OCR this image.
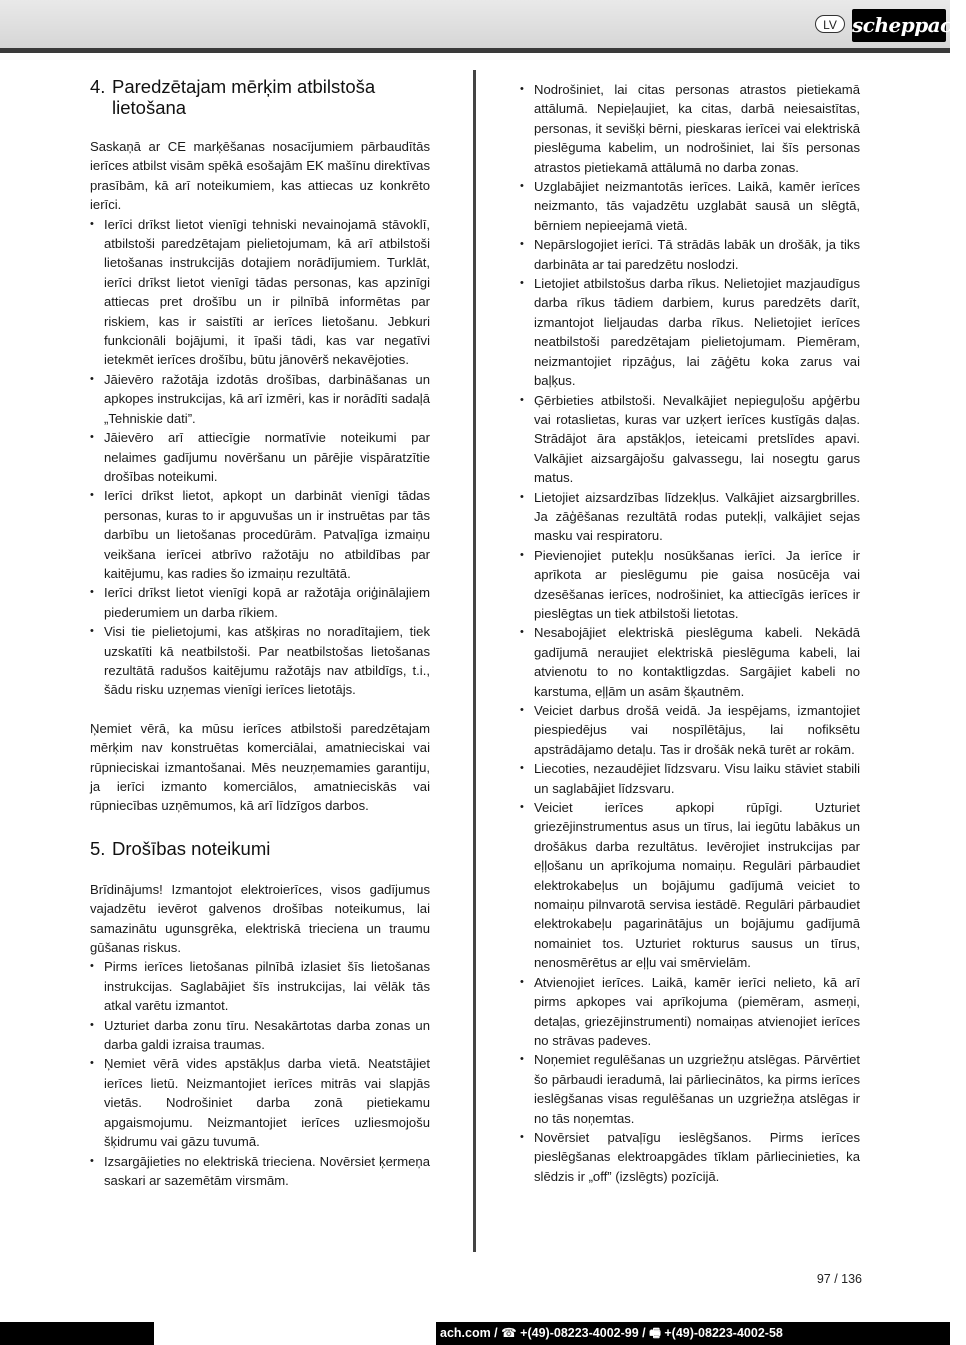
LV scheppach
4. Paredzētajam mērķim atbilstoša
lietošana

Saskaņā ar CE marķēšanas nosacījumiem pārbaudītās ierīces atbilst visām spēkā esošajām EK mašīnu direktīvas prasībām, kā arī noteikumiem, kas attiecas uz konkrēto ierīci.

• Ierīci drīkst lietot vienīgi tehniski nevainojamā stāvoklī, atbilstoši paredzētajam pielietojumam, kā arī atbilstoši lietošanas instrukcijās dotajiem norādījumiem. Turklāt, ierīci drīkst lietot vienīgi tādas personas, kas apzinīgi attiecas pret drošību un ir pilnībā informētas par riskiem, kas ir saistīti ar ierīces lietošanu. Jebkuri funkcionāli bojājumi, it īpaši tādi, kas var negatīvi ietekmēt ierīces drošību, būtu jānovērš nekavējoties.
• Jāievēro ražotāja izdotās drošības, darbināšanas un apkopes instrukcijas, kā arī izmēri, kas ir norādīti sadaļā „Tehniskie dati”.
• Jāievēro arī attiecīgie normatīvie noteikumi par nelaimes gadījumu novēršanu un pārējie vispāratzītie drošības noteikumi.
• Ierīci drīkst lietot, apkopt un darbināt vienīgi tādas personas, kuras to ir apguvušas un ir instruētas par tās darbību un lietošanas procedūrām. Patvaļīga izmaiņu veikšana ierīcei atbrīvo ražotāju no atbildības par kaitējumu, kas radies šo izmaiņu rezultātā.
• Ierīci drīkst lietot vienīgi kopā ar ražotāja oriģinālajiem piederumiem un darba rīkiem.
• Visi tie pielietojumi, kas atšķiras no noradītajiem, tiek uzskatīti kā neatbilstoši. Par neatbilstošas lietošanas rezultātā radušos kaitējumu ražotājs nav atbildīgs, t.i., šādu risku uzņemas vienīgi ierīces lietotājs.

Ņemiet vērā, ka mūsu ierīces atbilstoši paredzētajam mērķim nav konstruētas komerciālai, amatnieciskai vai rūpnieciskai izmantošanai. Mēs neuzņemamies garantiju, ja ierīci izmanto komerciālos, amatnieciskās vai rūpniecības uzņēmumos, kā arī līdzīgos darbos.

5. Drošības noteikumi

Brīdinājums! Izmantojot elektroierīces, visos gadījumus vajadzētu ievērot galvenos drošības noteikumus, lai samazinātu ugunsgrēka, elektriskā trieciena un traumu gūšanas riskus.

• Pirms ierīces lietošanas pilnībā izlasiet šīs lietošanas instrukcijas. Saglabājiet šīs instrukcijas, lai vēlāk tās atkal varētu izmantot.
• Uzturiet darba zonu tīru. Nesakārtotas darba zonas un darba galdi izraisa traumas.
• Ņemiet vērā vides apstākļus darba vietā. Neatstājiet ierīces lietū. Neizmantojiet ierīces mitrās vai slapjās vietās. Nodrošiniet darba zonā pietiekamu apgaismojumu. Neizmantojiet ierīces uzliesmojošu šķidrumu vai gāzu tuvumā.
• Izsargājieties no elektriskā trieciena. Novērsiet ķermeņa saskari ar sazemētām virsmām.
• Nodrošiniet, lai citas personas atrastos pietiekamā attālumā. Nepieļaujiet, ka citas, darbā neiesaistītas, personas, it sevišķi bērni, pieskaras ierīcei vai elektriskā pieslēguma kabelim, un nodrošiniet, lai šīs personas atrastos pietiekamā attālumā no darba zonas.
• Uzglabājiet neizmantotās ierīces. Laikā, kamēr ierīces neizmanto, tās vajadzētu uzglabāt sausā un slēgtā, bērniem nepieejamā vietā.
• Nepārslogojiet ierīci. Tā strādās labāk un drošāk, ja tiks darbināta ar tai paredzētu noslodzi.
• Lietojiet atbilstošus darba rīkus. Nelietojiet mazjaudīgus darba rīkus tādiem darbiem, kurus paredzēts darīt, izmantojot lieljaudas darba rīkus. Nelietojiet ierīces neatbilstoši paredzētajam pielietojumam. Piemēram, neizmantojiet ripzāģus, lai zāģētu koka zarus vai baļķus.
• Ģērbieties atbilstoši. Nevalkājiet nepieguļošu apģērbu vai rotaslietas, kuras var uzķert ierīces kustīgās daļas. Strādājot āra apstākļos, ieteicami pretslīdes apavi. Valkājiet aizsargājošu galvassegu, lai nosegtu garus matus.
• Lietojiet aizsardzības līdzekļus. Valkājiet aizsargbrilles. Ja zāģēšanas rezultātā rodas putekļi, valkājiet sejas masku vai respiratoru.
• Pievienojiet putekļu nosūkšanas ierīci. Ja ierīce ir aprīkota ar pieslēgumu pie gaisa nosūcēja vai dzesēšanas ierīces, nodrošiniet, ka attiecīgās ierīces ir pieslēgtas un tiek atbilstoši lietotas.
• Nesabojājiet elektriskā pieslēguma kabeli. Nekādā gadījumā neraujiet elektriskā pieslēguma kabeli, lai atvienotu to no kontaktligzdas. Sargājiet kabeli no karstuma, eļļām un asām šķautnēm.
• Veiciet darbus drošā veidā. Ja iespējams, izmantojiet piespiedējus vai nospīlētājus, lai nofiksētu apstrādājamo detaļu. Tas ir drošāk nekā turēt ar rokām.
• Liecoties, nezaudējiet līdzsvaru. Visu laiku stāviet stabili un saglabājiet līdzsvaru.
• Veiciet ierīces apkopi rūpīgi. Uzturiet griezējinstrumentus asus un tīrus, lai iegūtu labākus un drošākus darba rezultātus. Ievērojiet instrukcijas par eļļošanu un aprīkojuma nomaiņu. Regulāri pārbaudiet elektrokabeļus un bojājumu gadījumā veiciet to nomaiņu pilnvarotā servisa iestādē. Regulāri pārbaudiet elektrokabeļu pagarinātājus un bojājumu gadījumā nomainiet tos. Uzturiet rokturus sausus un tīrus, nenosmērētus ar eļļu vai smērvielām.
• Atvienojiet ierīces. Laikā, kamēr ierīci nelieto, kā arī pirms apkopes vai aprīkojuma (piemēram, asmeņi, detaļas, griezējinstrumenti) nomaiņas atvienojiet ierīces no strāvas padeves.
• Noņemiet regulēšanas un uzgriežņu atslēgas. Pārvērtiet šo pārbaudi ieradumā, lai pārliecinātos, ka pirms ierīces ieslēgšanas visas regulēšanas un uzgriežņa atslēgas ir no tās noņemtas.
• Novērsiet patvaļīgu ieslēgšanos. Pirms ierīces pieslēgšanas elektroapgādes tīklam pārliecinieties, ka slēdzis ir „off” (izslēgts) pozīcijā.
97 / 136
ach.com / ☎ +(49)-08223-4002-99 / 🖷 +(49)-08223-4002-58
